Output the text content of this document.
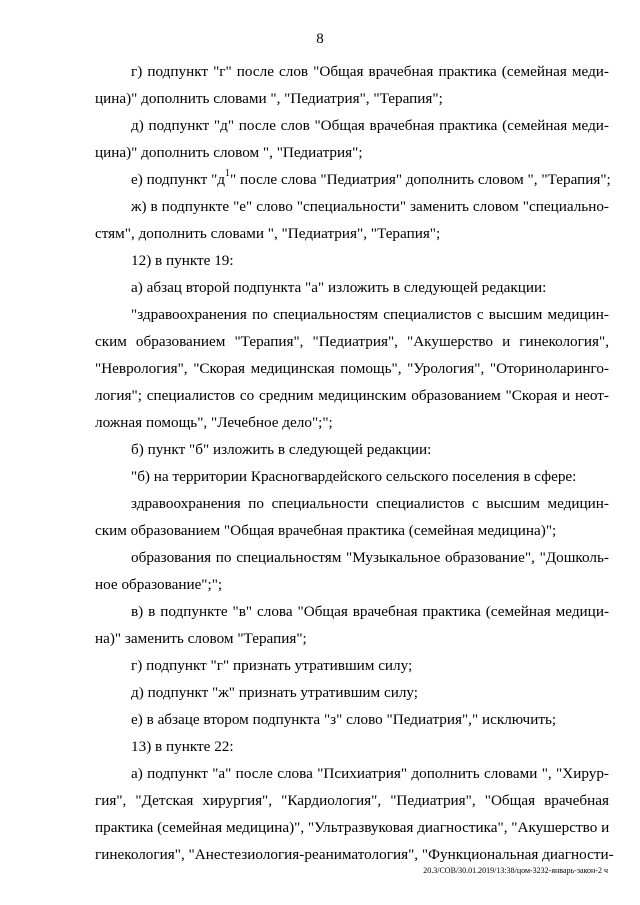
8
г) подпункт "г" после слов "Общая врачебная практика (семейная меди-
цина)" дополнить словами ", "Педиатрия", "Терапия";
д) подпункт "д" после слов "Общая врачебная практика (семейная меди-
цина)" дополнить словом ", "Педиатрия";
е) подпункт "$д^1$" после слова "Педиатрия" дополнить словом ", "Терапия";
ж) в подпункте "е" слово "специальности" заменить словом "специально-
стям", дополнить словами ", "Педиатрия", "Терапия";
12) в пункте 19:
а) абзац второй подпункта "а" изложить в следующей редакции:
"здравоохранения по специальностям специалистов с высшим медицин-
ским образованием "Терапия", "Педиатрия", "Акушерство и гинекология",
"Неврология", "Скорая медицинская помощь", "Урология", "Оториноларинго-
логия"; специалистов со средним медицинским образованием "Скорая и неот-
ложная помощь", "Лечебное дело";";
б) пункт "б" изложить в следующей редакции:
"б) на территории Красногвардейского сельского поселения в сфере:
здравоохранения по специальности специалистов с высшим медицин-
ским образованием "Общая врачебная практика (семейная медицина)";
образования по специальностям "Музыкальное образование", "Дошколь-
ное образование";";
в) в подпункте "в" слова "Общая врачебная практика (семейная медици-
на)" заменить словом "Терапия";
г) подпункт "г" признать утратившим силу;
д) подпункт "ж" признать утратившим силу;
е) в абзаце втором подпункта "з" слово "Педиатрия"," исключить;
13) в пункте 22:
а) подпункт "а" после слова "Психиатрия" дополнить словами ", "Хирур-
гия", "Детская хирургия", "Кардиология", "Педиатрия", "Общая врачебная
практика (семейная медицина)", "Ультразвуковая диагностика", "Акушерство и
гинекология", "Анестезиология-реаниматология", "Функциональная диагности-
20.3/СОВ/30.01.2019/13:38/цом-3232-январь-закон-2 ч
